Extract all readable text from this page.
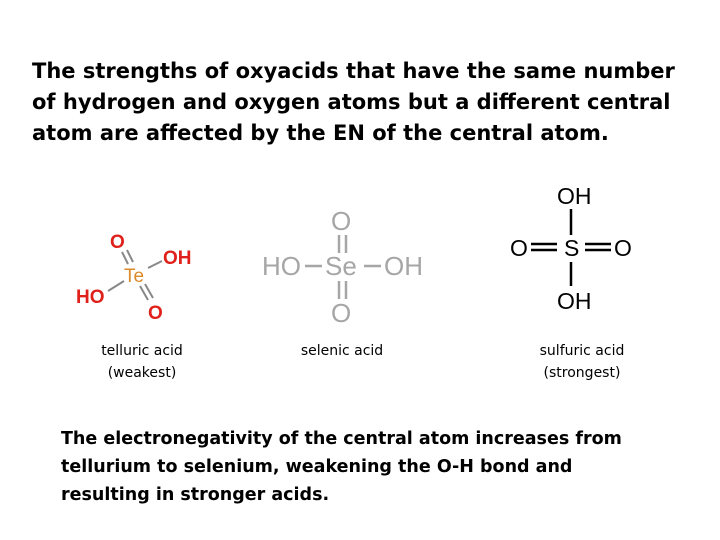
The strengths of oxyacids that have the same number
of hydrogen and oxygen atoms but a different central
atom are affected by the EN of the central atom.

O
Te
OH
HO
O
O
HO Se OH
O
OH
O S O
OH
telluric acid
(weakest)
selenic acid	sulfuric acid
(strongest)

The electronegativity of the central atom increases from
tellurium to selenium, weakening the O-H bond and
resulting in stronger acids.
